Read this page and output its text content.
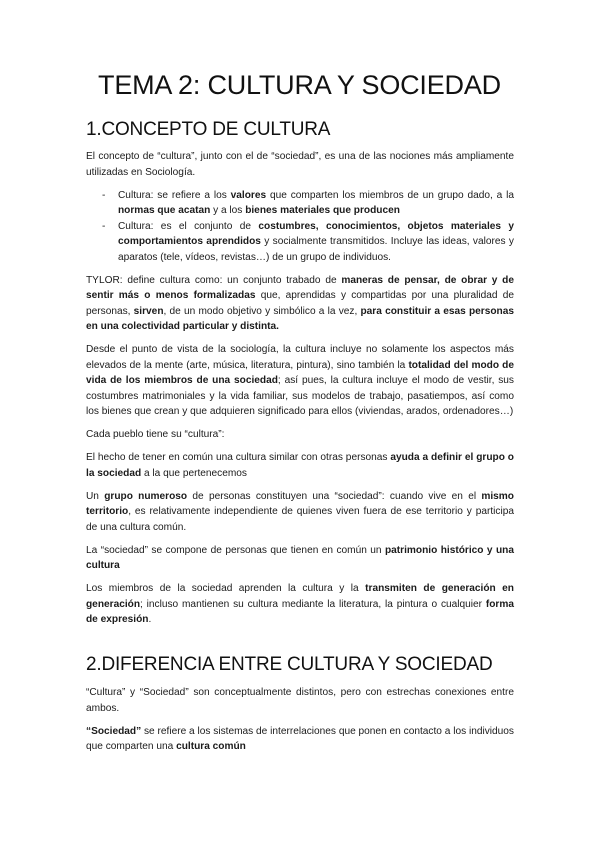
TEMA 2: CULTURA Y SOCIEDAD
1.CONCEPTO DE CULTURA

El concepto de “cultura”, junto con el de “sociedad”, es una de las nociones más ampliamente utilizadas en Sociología.

- Cultura: se refiere a los valores que comparten los miembros de un grupo dado, a la normas que acatan y a los bienes materiales que producen
- Cultura: es el conjunto de costumbres, conocimientos, objetos materiales y comportamientos aprendidos y socialmente transmitidos. Incluye las ideas, valores y aparatos (tele, vídeos, revistas…) de un grupo de individuos.

TYLOR: define cultura como: un conjunto trabado de maneras de pensar, de obrar y de sentir más o menos formalizadas que, aprendidas y compartidas por una pluralidad de personas, sirven, de un modo objetivo y simbólico a la vez, para constituir a esas personas en una colectividad particular y distinta.

Desde el punto de vista de la sociología, la cultura incluye no solamente los aspectos más elevados de la mente (arte, música, literatura, pintura), sino también la totalidad del modo de vida de los miembros de una sociedad; así pues, la cultura incluye el modo de vestir, sus costumbres matrimoniales y la vida familiar, sus modelos de trabajo, pasatiempos, así como los bienes que crean y que adquieren significado para ellos (viviendas, arados, ordenadores…)

Cada pueblo tiene su “cultura”:

El hecho de tener en común una cultura similar con otras personas ayuda a definir el grupo o la sociedad a la que pertenecemos

Un grupo numeroso de personas constituyen una “sociedad”: cuando vive en el mismo territorio, es relativamente independiente de quienes viven fuera de ese territorio y participa de una cultura común.

La “sociedad” se compone de personas que tienen en común un patrimonio histórico y una cultura

Los miembros de la sociedad aprenden la cultura y la transmiten de generación en generación; incluso mantienen su cultura mediante la literatura, la pintura o cualquier forma de expresión.

2.DIFERENCIA ENTRE CULTURA Y SOCIEDAD

“Cultura” y “Sociedad” son conceptualmente distintos, pero con estrechas conexiones entre ambos.

“Sociedad” se refiere a los sistemas de interrelaciones que ponen en contacto a los individuos que comparten una cultura común
